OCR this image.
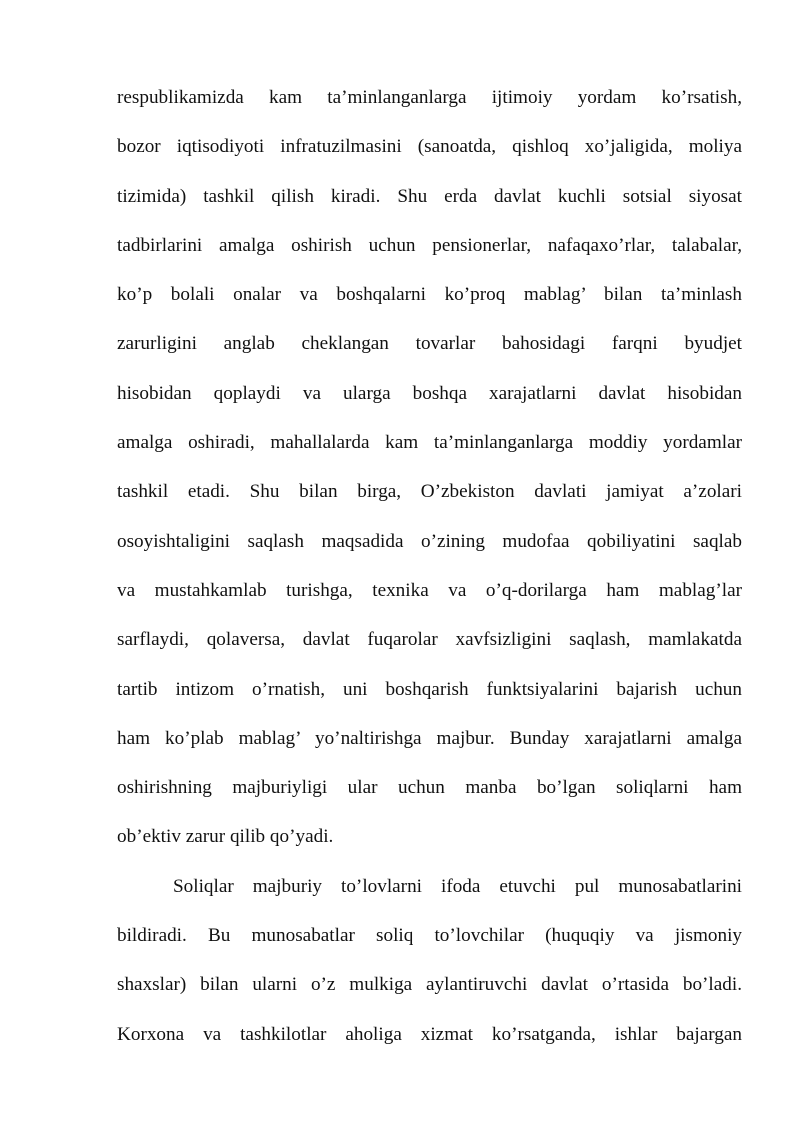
respublikamizda kam ta’minlanganlarga ijtimoiy yordam ko’rsatish,
bozor iqtisodiyoti infratuzilmasini (sanoatda, qishloq xo’jaligida, moliya
tizimida) tashkil qilish kiradi. Shu erda davlat kuchli sotsial siyosat
tadbirlarini amalga oshirish uchun pensionerlar, nafaqaxo’rlar, talabalar,
ko’p bolali onalar va boshqalarni ko’proq mablag’ bilan ta’minlash
zarurligini anglab cheklangan tovarlar bahosidagi farqni byudjet
hisobidan qoplaydi va ularga boshqa xarajatlarni davlat hisobidan
amalga oshiradi, mahallalarda kam ta’minlanganlarga moddiy yordamlar
tashkil etadi. Shu bilan birga, O’zbekiston davlati jamiyat a’zolari
osoyishtaligini saqlash maqsadida o’zining mudofaa qobiliyatini saqlab
va mustahkamlab turishga, texnika va o’q-dorilarga ham mablag’lar
sarflaydi, qolaversa, davlat fuqarolar xavfsizligini saqlash, mamlakatda
tartib intizom o’rnatish, uni boshqarish funktsiyalarini bajarish uchun
ham ko’plab mablag’ yo’naltirishga majbur. Bunday xarajatlarni amalga
oshirishning majburiyligi ular uchun manba bo’lgan soliqlarni ham
ob’ektiv zarur qilib qo’yadi.
Soliqlar majburiy to’lovlarni ifoda etuvchi pul munosabatlarini
bildiradi. Bu munosabatlar soliq to’lovchilar (huquqiy va jismoniy
shaxslar) bilan ularni o’z mulkiga aylantiruvchi davlat o’rtasida bo’ladi.
Korxona va tashkilotlar aholiga xizmat ko’rsatganda, ishlar bajargan
